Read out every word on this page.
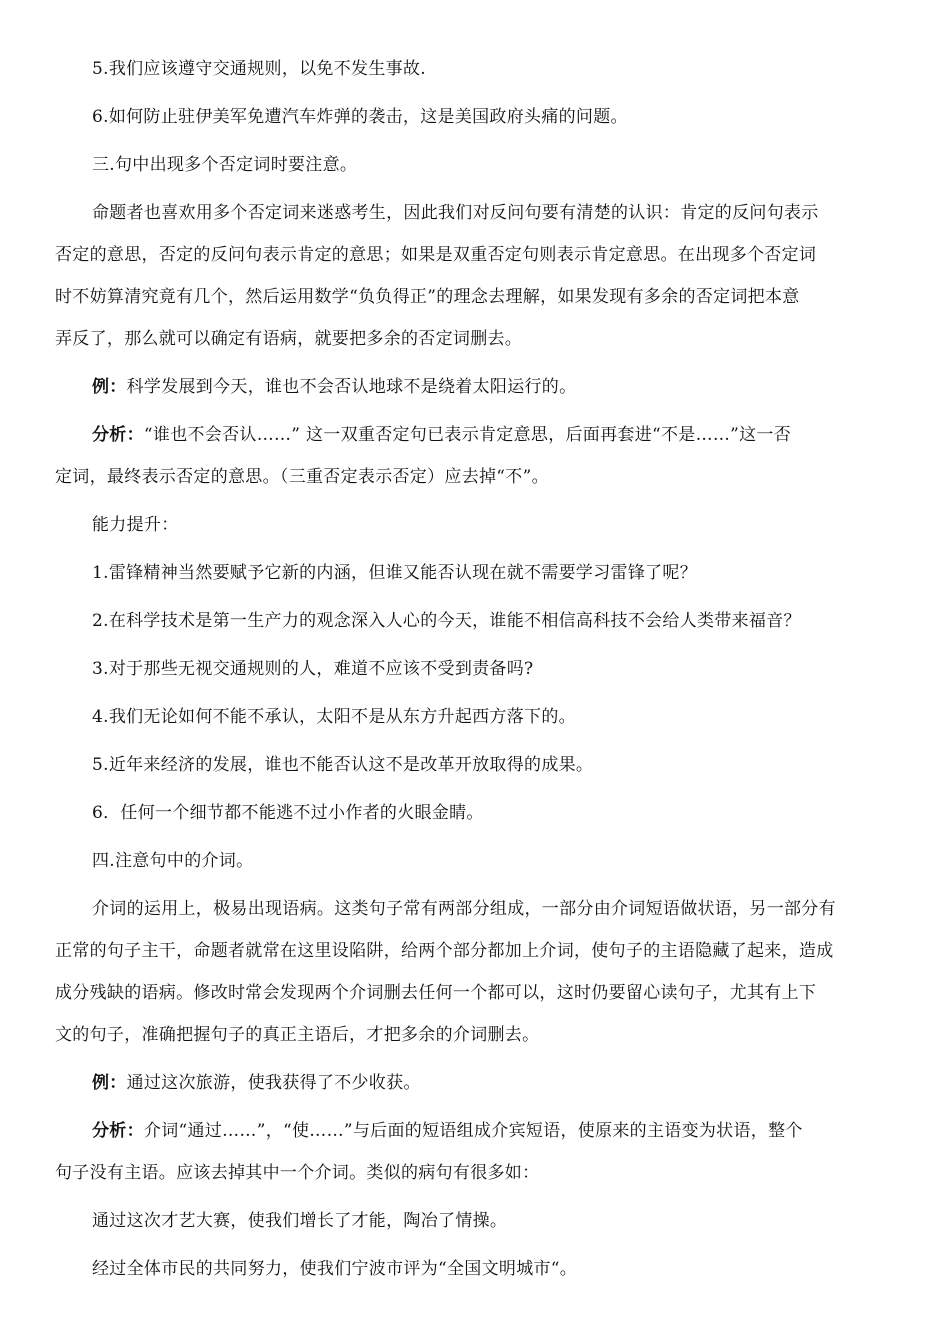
5.我们应该遵守交通规则，以免不发生事故.
6.如何防止驻伊美军免遭汽车炸弹的袭击，这是美国政府头痛的问题。
三.句中出现多个否定词时要注意。
命题者也喜欢用多个否定词来迷惑考生，因此我们对反问句要有清楚的认识：肯定的反问句表示
否定的意思，否定的反问句表示肯定的意思；如果是双重否定句则表示肯定意思。在出现多个否定词
时不妨算清究竟有几个，然后运用数学“负负得正”的理念去理解，如果发现有多余的否定词把本意
弄反了，那么就可以确定有语病，就要把多余的否定词删去。
例：科学发展到今天，谁也不会否认地球不是绕着太阳运行的。
分析：“谁也不会否认……” 这一双重否定句已表示肯定意思，后面再套进“不是……”这一否
定词，最终表示否定的意思。（三重否定表示否定）应去掉“不”。
能力提升：
1.雷锋精神当然要赋予它新的内涵，但谁又能否认现在就不需要学习雷锋了呢？
2.在科学技术是第一生产力的观念深入人心的今天，谁能不相信高科技不会给人类带来福音？
3.对于那些无视交通规则的人，难道不应该不受到责备吗?
4.我们无论如何不能不承认，太阳不是从东方升起西方落下的。
5.近年来经济的发展，谁也不能否认这不是改革开放取得的成果。
6．任何一个细节都不能逃不过小作者的火眼金睛。
四.注意句中的介词。
介词的运用上，极易出现语病。这类句子常有两部分组成，一部分由介词短语做状语，另一部分有
正常的句子主干，命题者就常在这里设陷阱，给两个部分都加上介词，使句子的主语隐藏了起来，造成
成分残缺的语病。修改时常会发现两个介词删去任何一个都可以，这时仍要留心读句子，尤其有上下
文的句子，准确把握句子的真正主语后，才把多余的介词删去。
例：通过这次旅游，使我获得了不少收获。
分析：介词“通过……”，“使……”与后面的短语组成介宾短语，使原来的主语变为状语，整个
句子没有主语。应该去掉其中一个介词。类似的病句有很多如：
通过这次才艺大赛，使我们增长了才能，陶冶了情操。
经过全体市民的共同努力，使我们宁波市评为“全国文明城市“。
